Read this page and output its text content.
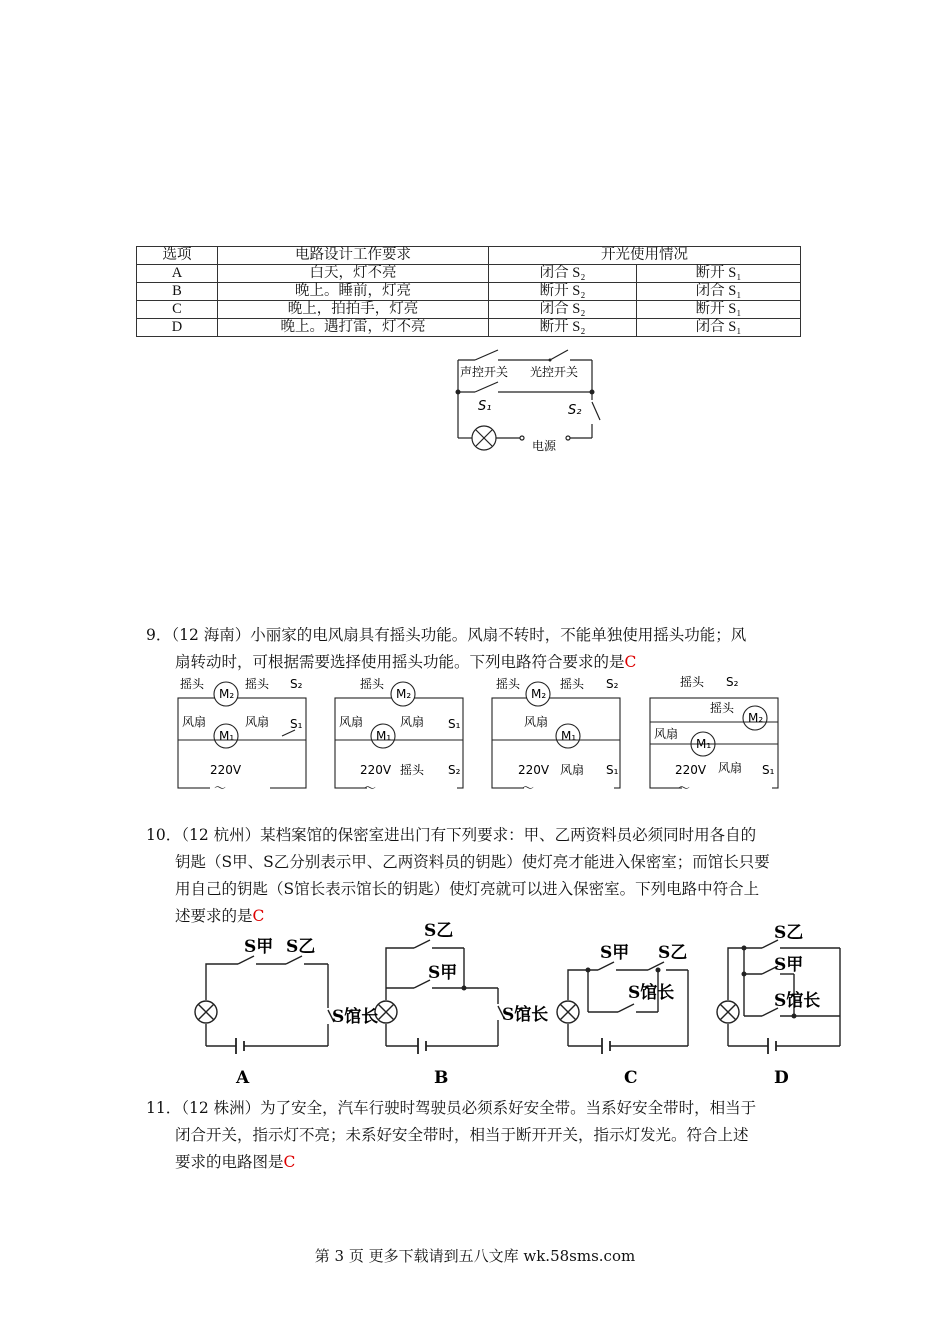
选项	电路设计工作要求	开光使用情况	
A	白天，灯不亮	闭合 S₂	断开 S₁
B	晚上。睡前，灯亮	断开 S₂	闭合 S₁
C	晚上，拍拍手，灯亮	闭合 S₂	断开 S₁
D	晚上。遇打雷，灯不亮	断开 S₂	闭合 S₁
声控开关 光控开关
S₁	S₂
电源
9．（12 海南）小丽家的电风扇具有摇头功能。风扇不转时，不能单独使用摇头功能；风
扇转动时，可根据需要选择使用摇头功能。下列电路符合要求的是C
摇头	摇头 S₂
M₂
风扇	风扇 S₁
M₁
220V
～
摇头
M₂
风扇	风扇 S₁
M₁
220V 摇头 S₂
～
摇头	摇头 S₂
M₂
风扇
M₁
220V 风扇 S₁
～
摇头 S₂
摇头
M₂
风扇
M₁
220V 风扇 S₁
～
10．（12 杭州）某档案馆的保密室进出门有下列要求：甲、乙两资料员必须同时用各自的
钥匙（S甲、S乙分别表示甲、乙两资料员的钥匙）使灯亮才能进入保密室；而馆长只要
用自己的钥匙（S馆长表示馆长的钥匙）使灯亮就可以进入保密室。下列电路中符合上
述要求的是C
S甲 S乙
S馆长
A
S乙
S甲
S馆长
B
S甲 S乙
S馆长
C
S乙
S甲
S馆长
D
11．（12 株洲）为了安全，汽车行驶时驾驶员必须系好安全带。当系好安全带时，相当于
闭合开关，指示灯不亮；未系好安全带时，相当于断开开关，指示灯发光。符合上述
要求的电路图是C
第 3 页 更多下载请到五八文库 wk.58sms.com
